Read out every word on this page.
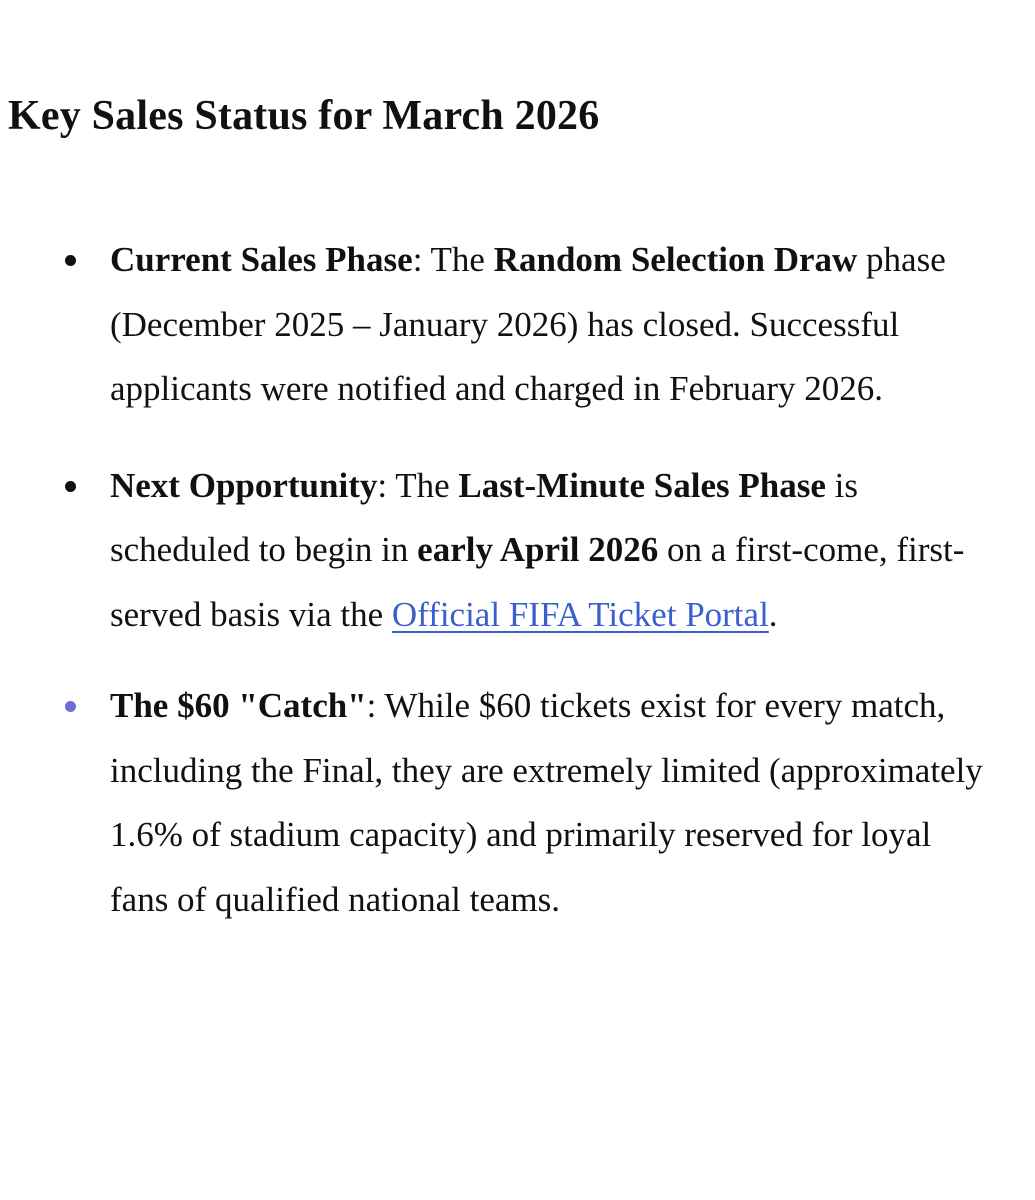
Key Sales Status for March 2026
Current Sales Phase: The Random Selection Draw phase (December 2025 – January 2026) has closed. Successful applicants were notified and charged in February 2026.
Next Opportunity: The Last-Minute Sales Phase is scheduled to begin in early April 2026 on a first-come, first-served basis via the Official FIFA Ticket Portal.
The $60 "Catch": While $60 tickets exist for every match, including the Final, they are extremely limited (approximately 1.6% of stadium capacity) and primarily reserved for loyal fans of qualified national teams.
